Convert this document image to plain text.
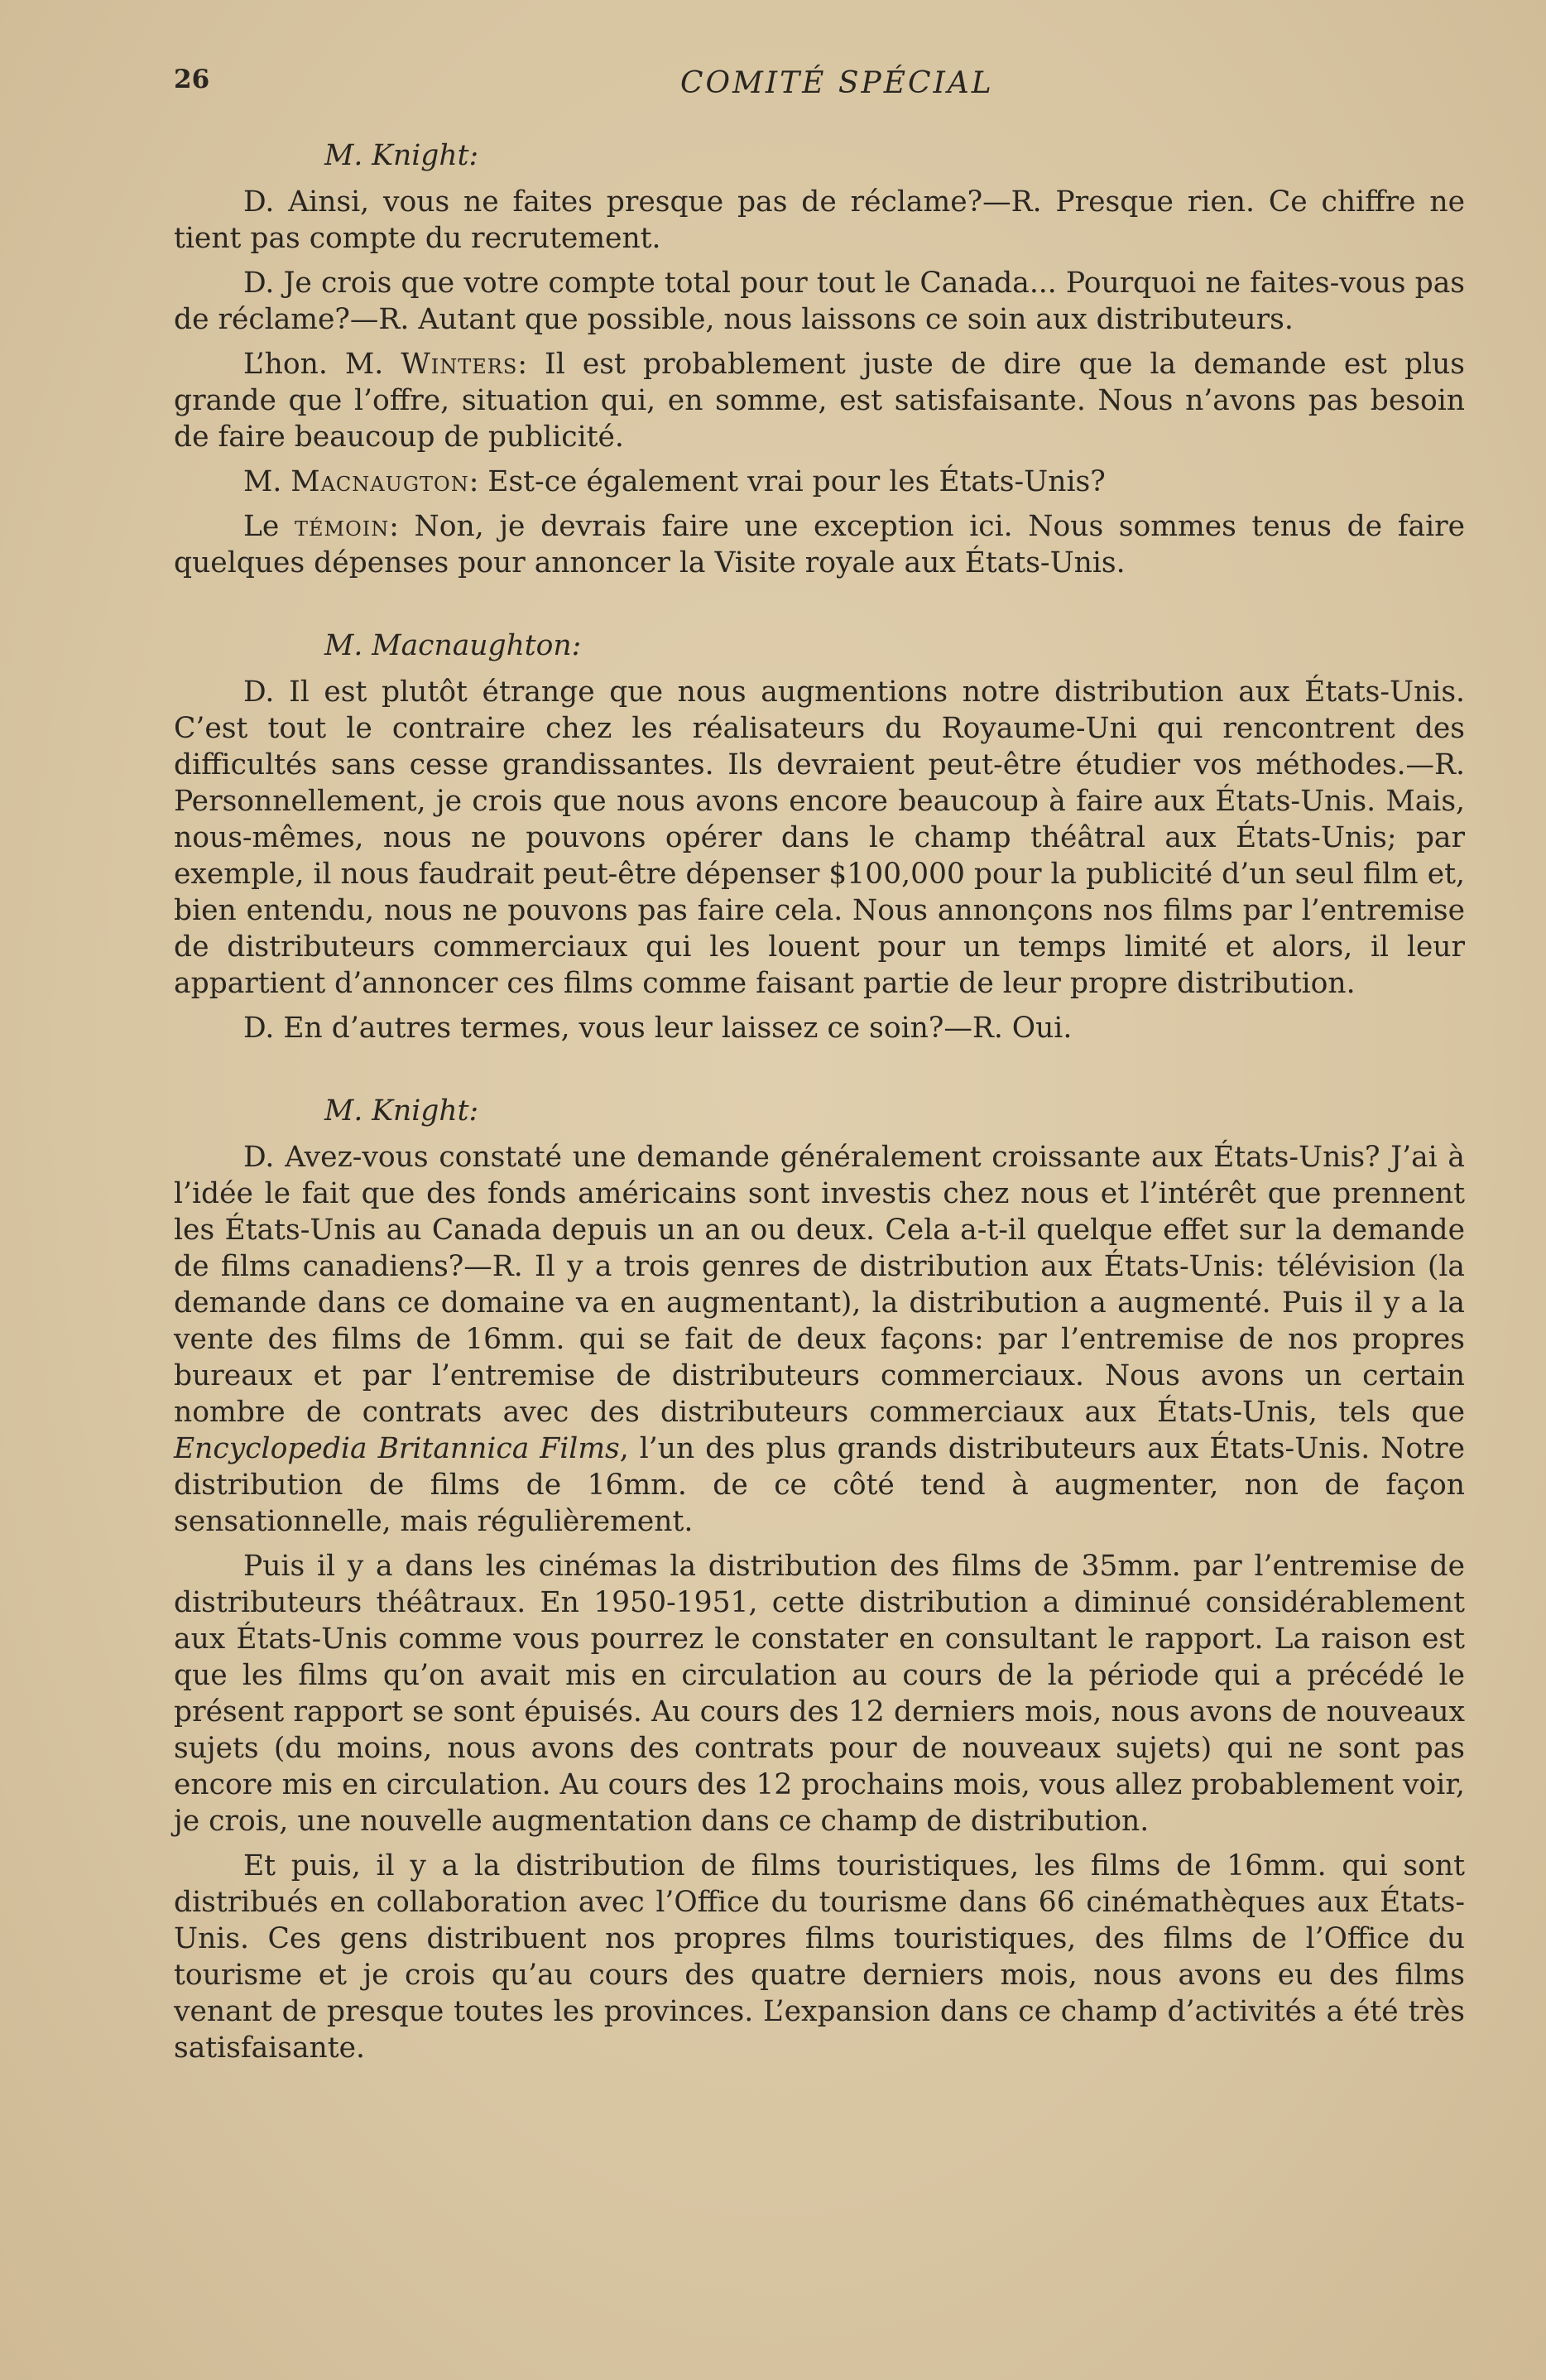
26	COMITÉ SPÉCIAL
M. Knight:

D. Ainsi, vous ne faites presque pas de réclame?—R. Presque rien. Ce chiffre ne tient pas compte du recrutement.

D. Je crois que votre compte total pour tout le Canada... Pourquoi ne faites-vous pas de réclame?—R. Autant que possible, nous laissons ce soin aux distributeurs.

L’hon. M. Winters: Il est probablement juste de dire que la demande est plus grande que l’offre, situation qui, en somme, est satisfaisante. Nous n’avons pas besoin de faire beaucoup de publicité.

M. Macnaugton: Est-ce également vrai pour les États-Unis?

Le témoin: Non, je devrais faire une exception ici. Nous sommes tenus de faire quelques dépenses pour annoncer la Visite royale aux États-Unis.

M. Macnaughton:

D. Il est plutôt étrange que nous augmentions notre distribution aux États-Unis. C’est tout le contraire chez les réalisateurs du Royaume-Uni qui rencontrent des difficultés sans cesse grandissantes. Ils devraient peut-être étudier vos méthodes.—R. Personnellement, je crois que nous avons encore beaucoup à faire aux États-Unis. Mais, nous-mêmes, nous ne pouvons opérer dans le champ théâtral aux États-Unis; par exemple, il nous faudrait peut-être dépenser $100,000 pour la publicité d’un seul film et, bien entendu, nous ne pouvons pas faire cela. Nous annonçons nos films par l’entremise de distributeurs commerciaux qui les louent pour un temps limité et alors, il leur appartient d’annoncer ces films comme faisant partie de leur propre distribution.

D. En d’autres termes, vous leur laissez ce soin?—R. Oui.

M. Knight:

D. Avez-vous constaté une demande généralement croissante aux États-Unis? J’ai à l’idée le fait que des fonds américains sont investis chez nous et l’intérêt que prennent les États-Unis au Canada depuis un an ou deux. Cela a-t-il quelque effet sur la demande de films canadiens?—R. Il y a trois genres de distribution aux États-Unis: télévision (la demande dans ce domaine va en augmentant), la distribution a augmenté. Puis il y a la vente des films de 16mm. qui se fait de deux façons: par l’entremise de nos propres bureaux et par l’entremise de distributeurs commerciaux. Nous avons un certain nombre de contrats avec des distributeurs commerciaux aux États-Unis, tels que Encyclopedia Britannica Films, l’un des plus grands distributeurs aux États-Unis. Notre distribution de films de 16mm. de ce côté tend à augmenter, non de façon sensationnelle, mais régulièrement.

Puis il y a dans les cinémas la distribution des films de 35mm. par l’entremise de distributeurs théâtraux. En 1950-1951, cette distribution a diminué considérablement aux États-Unis comme vous pourrez le constater en consultant le rapport. La raison est que les films qu’on avait mis en circulation au cours de la période qui a précédé le présent rapport se sont épuisés. Au cours des 12 derniers mois, nous avons de nouveaux sujets (du moins, nous avons des contrats pour de nouveaux sujets) qui ne sont pas encore mis en circulation. Au cours des 12 prochains mois, vous allez probablement voir, je crois, une nouvelle augmentation dans ce champ de distribution.

Et puis, il y a la distribution de films touristiques, les films de 16mm. qui sont distribués en collaboration avec l’Office du tourisme dans 66 cinémathèques aux États-Unis. Ces gens distribuent nos propres films touristiques, des films de l’Office du tourisme et je crois qu’au cours des quatre derniers mois, nous avons eu des films venant de presque toutes les provinces. L’expansion dans ce champ d’activités a été très satisfaisante.
